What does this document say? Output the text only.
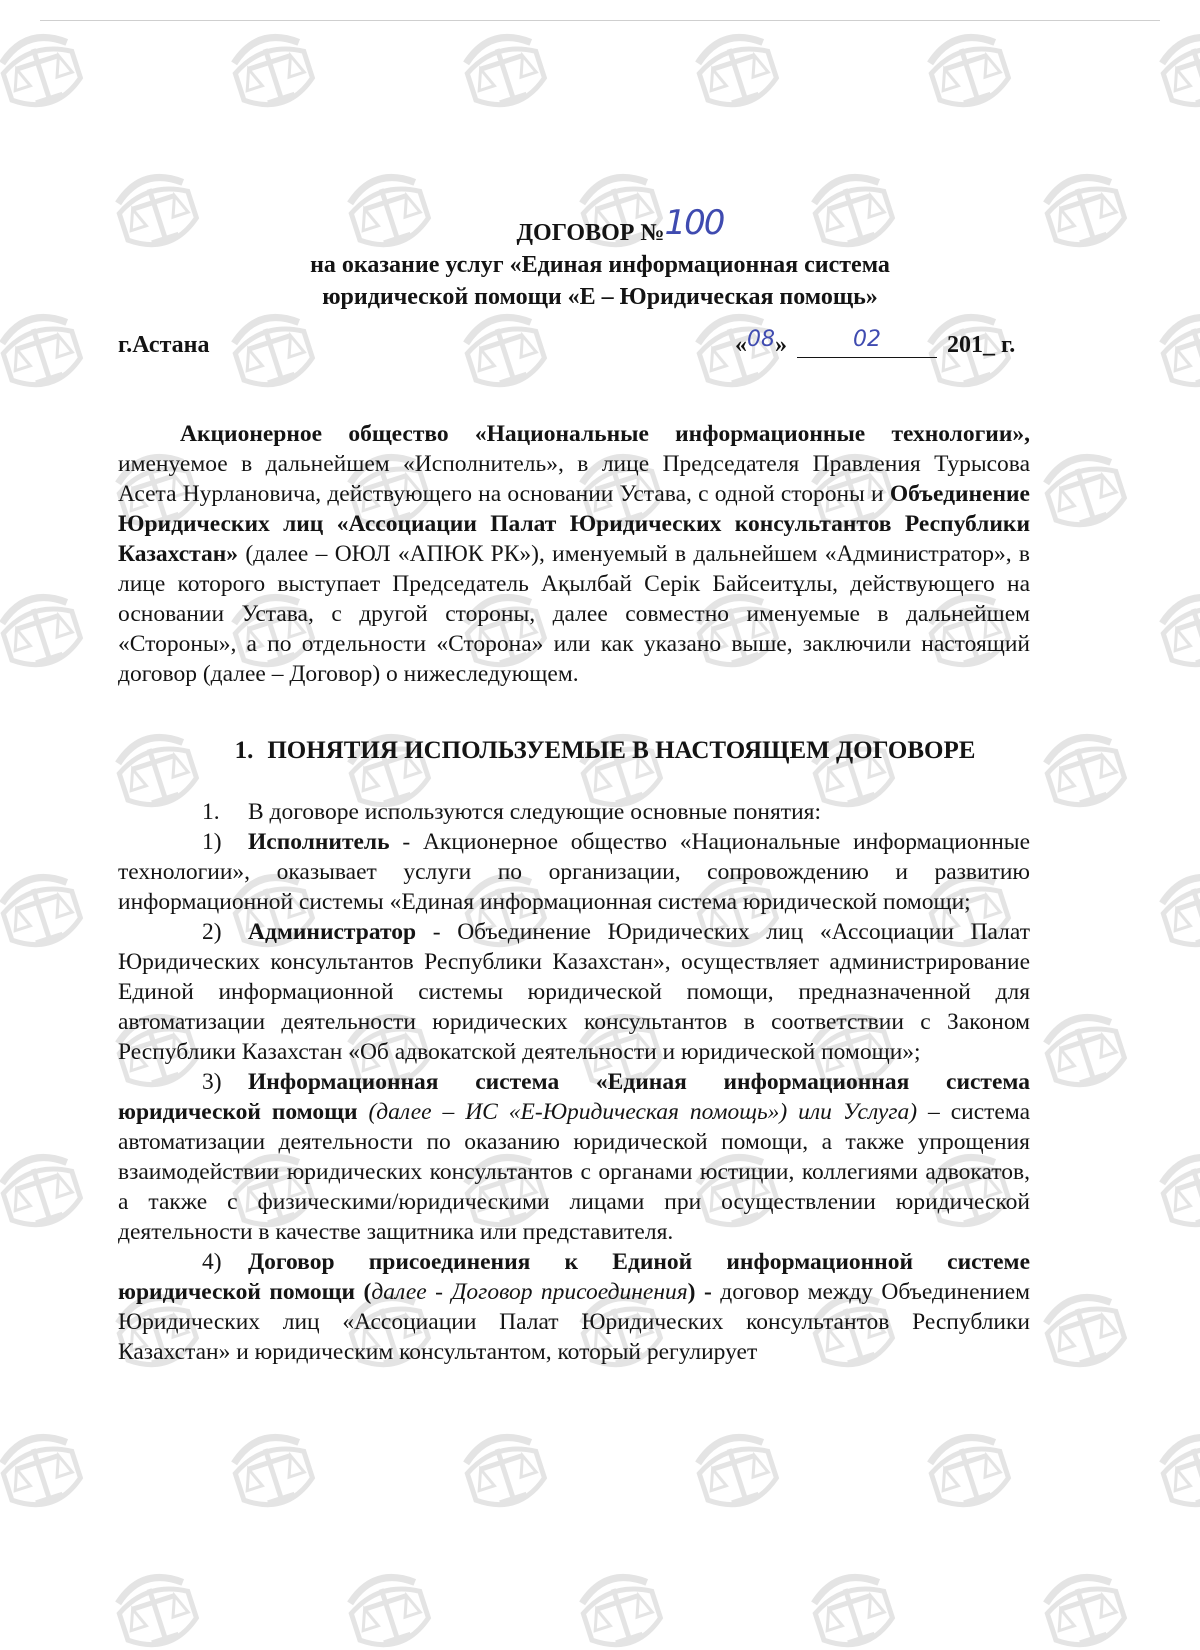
ДОГОВОР №100
на оказание услуг «Единая информационная система
юридической помощи «Е – Юридическая помощь»
г.Астана	«08»	02	201_ г.

Акционерное общество «Национальные информационные технологии», именуемое в дальнейшем «Исполнитель», в лице Председателя Правления Турысова Асета Нурлановича, действующего на основании Устава, с одной стороны и Объединение Юридических лиц «Ассоциации Палат Юридических консультантов Республики Казахстан» (далее – ОЮЛ «АПЮК РК»), именуемый в дальнейшем «Администратор», в лице которого выступает Председатель Ақылбай Серік Байсеитұлы, действующего на основании Устава, с другой стороны, далее совместно именуемые в дальнейшем «Стороны», а по отдельности «Сторона» или как указано выше, заключили настоящий договор (далее – Договор) о нижеследующем.

1. ПОНЯТИЯ ИСПОЛЬЗУЕМЫЕ В НАСТОЯЩЕМ ДОГОВОРЕ

1. В договоре используются следующие основные понятия:

1) Исполнитель - Акционерное общество «Национальные информационные технологии», оказывает услуги по организации, сопровождению и развитию информационной системы «Единая информационная система юридической помощи;

2) Администратор - Объединение Юридических лиц «Ассоциации Палат Юридических консультантов Республики Казахстан», осуществляет администрирование Единой информационной системы юридической помощи, предназначенной для автоматизации деятельности юридических консультантов в соответствии с Законом Республики Казахстан «Об адвокатской деятельности и юридической помощи»;

3) Информационная система «Единая информационная система юридической помощи (далее – ИС «Е-Юридическая помощь») или Услуга) – система автоматизации деятельности по оказанию юридической помощи, а также упрощения взаимодействии юридических консультантов с органами юстиции, коллегиями адвокатов, а также с физическими/юридическими лицами при осуществлении юридической деятельности в качестве защитника или представителя.

4) Договор присоединения к Единой информационной системе юридической помощи (далее - Договор присоединения) - договор между Объединением Юридических лиц «Ассоциации Палат Юридических консультантов Республики Казахстан» и юридическим консультантом, который регулирует
